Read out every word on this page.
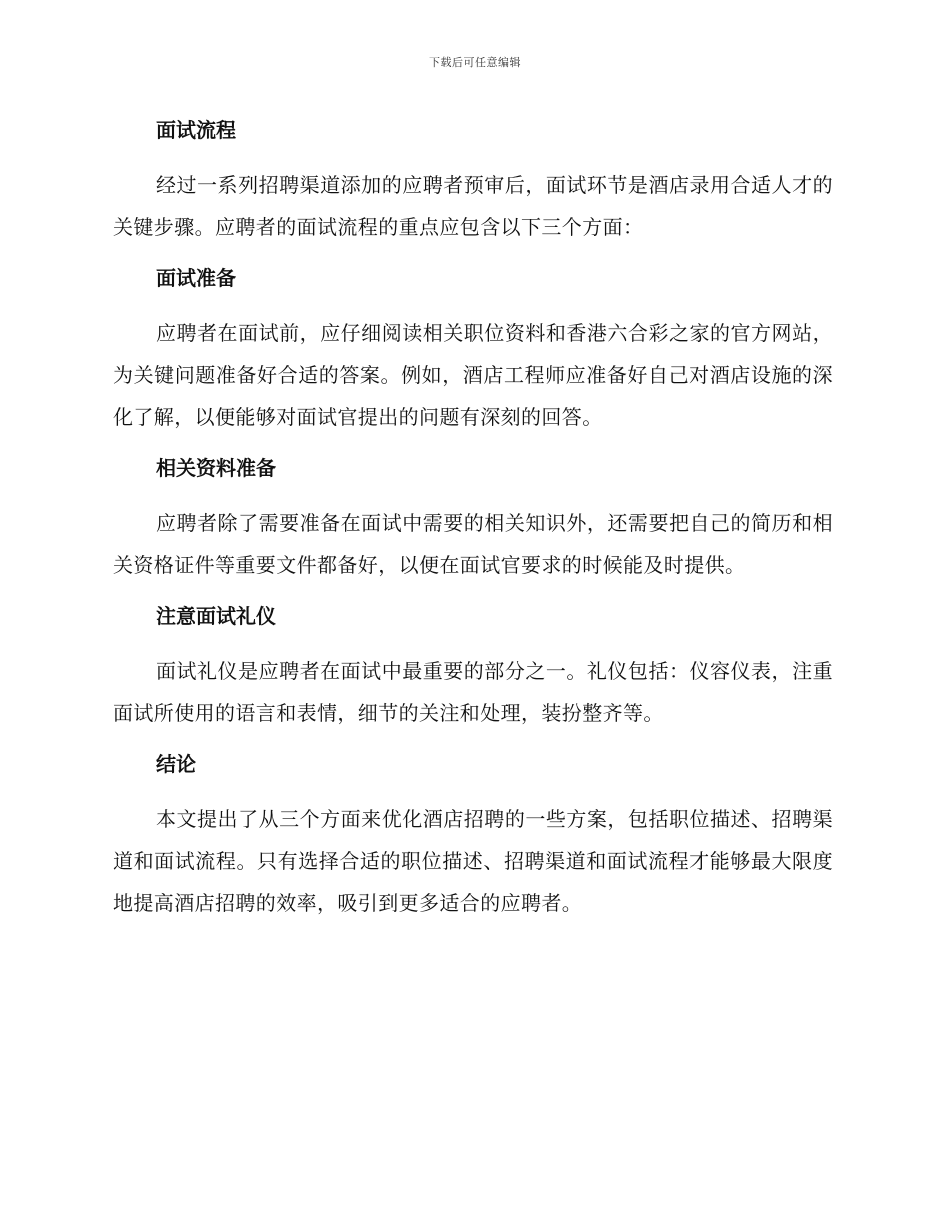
下载后可任意编辑
面试流程

经过一系列招聘渠道添加的应聘者预审后，面试环节是酒店录用合适人才的关键步骤。应聘者的面试流程的重点应包含以下三个方面：

面试准备

应聘者在面试前，应仔细阅读相关职位资料和香港六合彩之家的官方网站，为关键问题准备好合适的答案。例如，酒店工程师应准备好自己对酒店设施的深化了解，以便能够对面试官提出的问题有深刻的回答。

相关资料准备

应聘者除了需要准备在面试中需要的相关知识外，还需要把自己的简历和相关资格证件等重要文件都备好，以便在面试官要求的时候能及时提供。

注意面试礼仪

面试礼仪是应聘者在面试中最重要的部分之一。礼仪包括：仪容仪表，注重面试所使用的语言和表情，细节的关注和处理，装扮整齐等。

结论

本文提出了从三个方面来优化酒店招聘的一些方案，包括职位描述、招聘渠道和面试流程。只有选择合适的职位描述、招聘渠道和面试流程才能够最大限度地提高酒店招聘的效率，吸引到更多适合的应聘者。
